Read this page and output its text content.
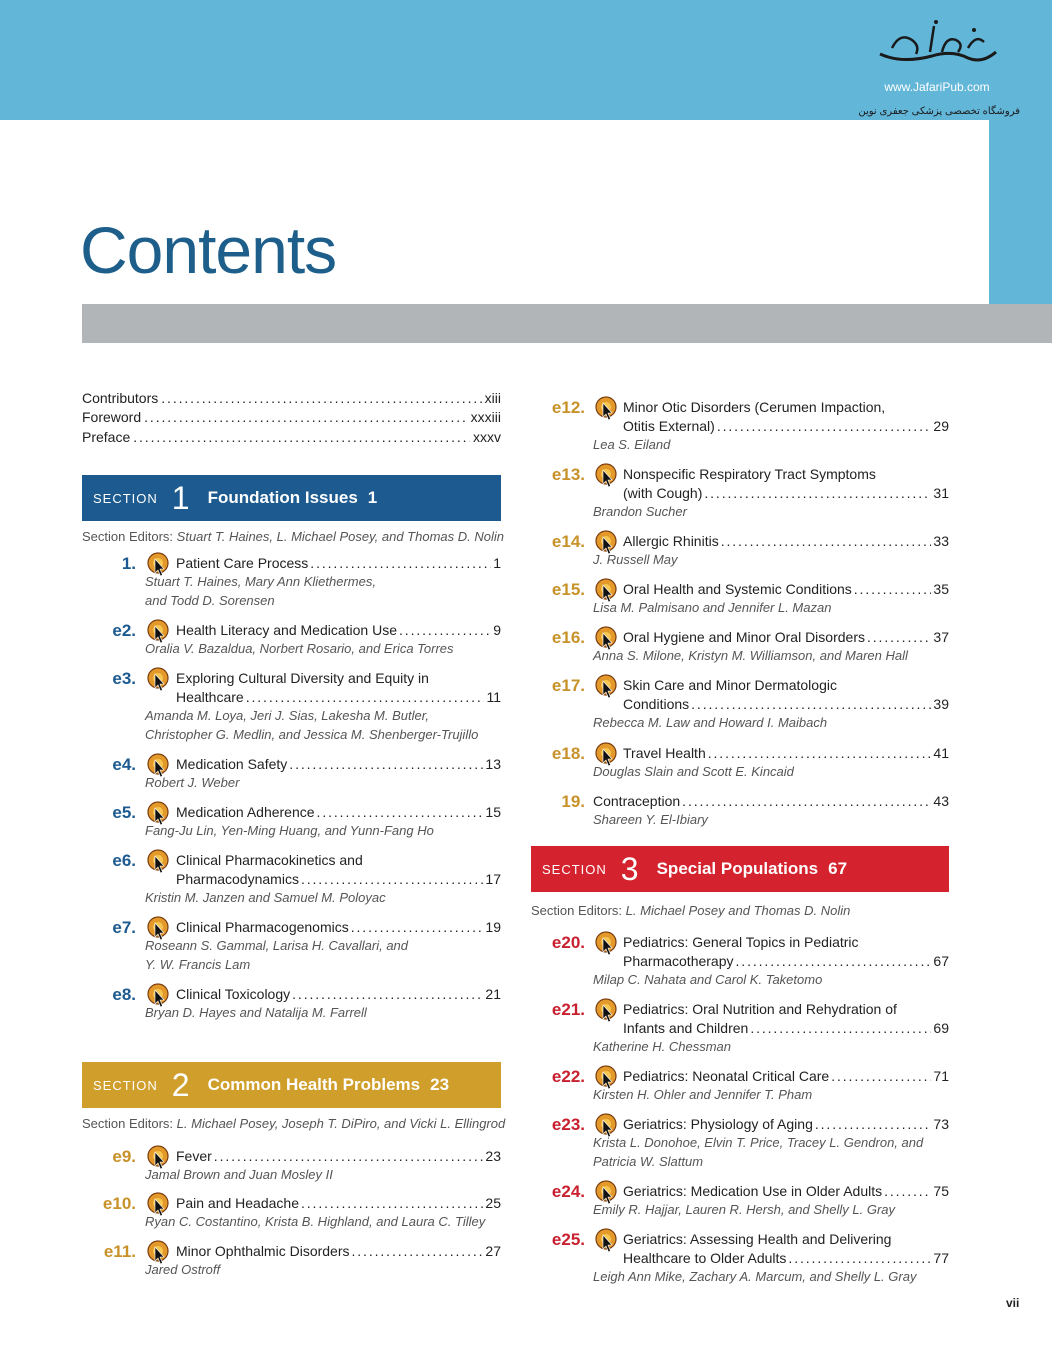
www.JafariPub.com
فروشگاه تخصصی پزشکی جعفری نوین
Contents
Contributors . . .	xiii
Foreword . . .	xxxiii
Preface . . .	xxxv
SECTION 1 Foundation Issues 1
Section Editors: Stuart T. Haines, L. Michael Posey, and Thomas D. Nolin
SECTION 2 Common Health Problems 23
Section Editors: L. Michael Posey, Joseph T. DiPiro, and Vicki L. Ellingrod
SECTION 3 Special Populations 67
Section Editors: L. Michael Posey and Thomas D. Nolin
1.	Patient Care Process . . .	1
Stuart T. Haines, Mary Ann Kliethermes,
and Todd D. Sorensen
e2.	Health Literacy and Medication Use . . .	9
Oralia V. Bazaldua, Norbert Rosario, and Erica Torres
e3.	Exploring Cultural Diversity and Equity in
Healthcare . . .	11
Amanda M. Loya, Jeri J. Sias, Lakesha M. Butler,
Christopher G. Medlin, and Jessica M. Shenberger-Trujillo
e4.	Medication Safety . . .	13
Robert J. Weber
e5.	Medication Adherence . . .	15
Fang-Ju Lin, Yen-Ming Huang, and Yunn-Fang Ho
e6.	Clinical Pharmacokinetics and
Pharmacodynamics . . .	17
Kristin M. Janzen and Samuel M. Poloyac
e7.	Clinical Pharmacogenomics . . .	19
Roseann S. Gammal, Larisa H. Cavallari, and
Y. W. Francis Lam
e8.	Clinical Toxicology . . .	21
Bryan D. Hayes and Natalija M. Farrell
e9.	Fever . . .	23
Jamal Brown and Juan Mosley II
e10.	Pain and Headache . . .	25
Ryan C. Costantino, Krista B. Highland, and Laura C. Tilley
e11.	Minor Ophthalmic Disorders . . .	27
Jared Ostroff
e12.	Minor Otic Disorders (Cerumen Impaction,
Otitis External) . . .	29
Lea S. Eiland
e13.	Nonspecific Respiratory Tract Symptoms
(with Cough) . . .	31
Brandon Sucher
e14.	Allergic Rhinitis . . .	33
J. Russell May
e15.	Oral Health and Systemic Conditions . . .	35
Lisa M. Palmisano and Jennifer L. Mazan
e16.	Oral Hygiene and Minor Oral Disorders . . .	37
Anna S. Milone, Kristyn M. Williamson, and Maren Hall
e17.	Skin Care and Minor Dermatologic
Conditions . . .	39
Rebecca M. Law and Howard I. Maibach
e18.	Travel Health . . .	41
Douglas Slain and Scott E. Kincaid
19. Contraception . . .	43
Shareen Y. El-Ibiary
e20.	Pediatrics: General Topics in Pediatric
Pharmacotherapy . . .	67
Milap C. Nahata and Carol K. Taketomo
e21.	Pediatrics: Oral Nutrition and Rehydration of
Infants and Children . . .	69
Katherine H. Chessman
e22.	Pediatrics: Neonatal Critical Care . . .	71
Kirsten H. Ohler and Jennifer T. Pham
e23.	Geriatrics: Physiology of Aging . . .	73
Krista L. Donohoe, Elvin T. Price, Tracey L. Gendron, and
Patricia W. Slattum
e24.	Geriatrics: Medication Use in Older Adults . . .	75
Emily R. Hajjar, Lauren R. Hersh, and Shelly L. Gray
e25.	Geriatrics: Assessing Health and Delivering
Healthcare to Older Adults . . .	77
Leigh Ann Mike, Zachary A. Marcum, and Shelly L. Gray
vii
